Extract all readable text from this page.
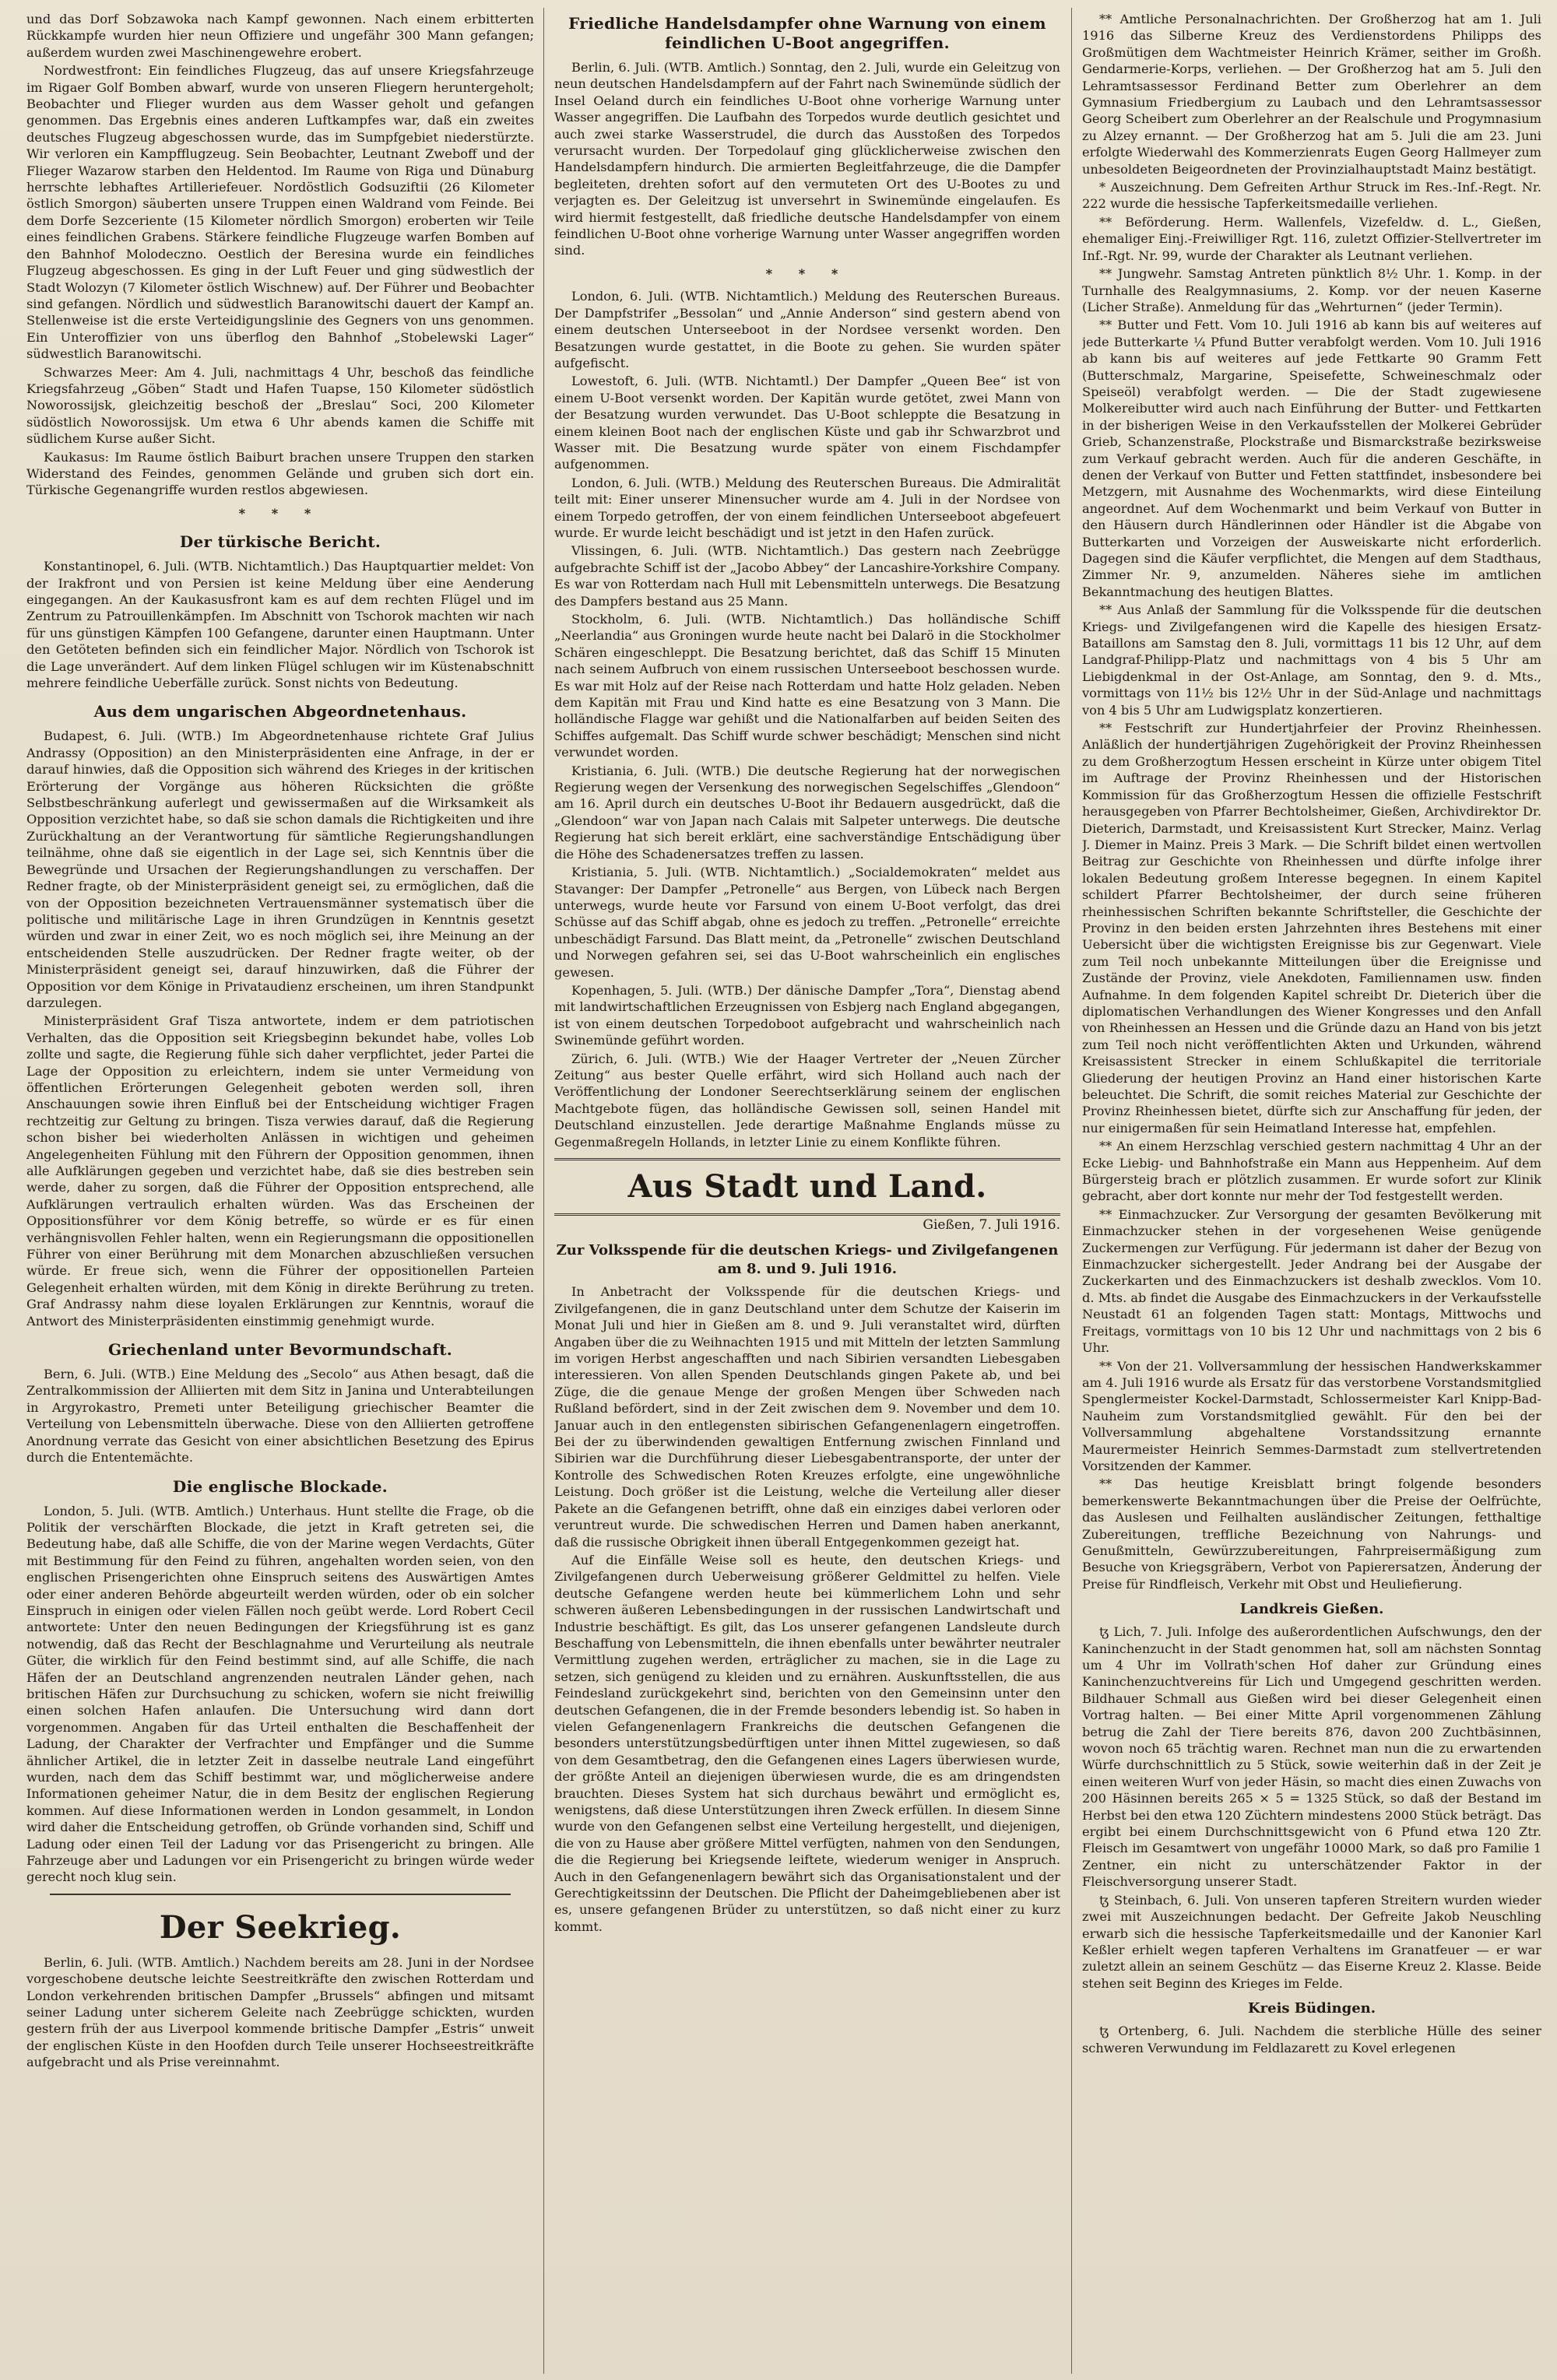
und das Dorf Sobzawoka nach Kampf gewonnen. Nach einem erbitterten Rückkampfe wurden hier neun Offiziere und ungefähr 300 Mann gefangen; außerdem wurden zwei Maschinengewehre erobert.

Nordwestfront: Ein feindliches Flugzeug, das auf unsere Kriegsfahrzeuge im Rigaer Golf Bomben abwarf, wurde von unseren Fliegern heruntergeholt; Beobachter und Flieger wurden aus dem Wasser geholt und gefangen genommen. Das Ergebnis eines anderen Luftkampfes war, daß ein zweites deutsches Flugzeug abgeschossen wurde, das im Sumpfgebiet niederstürzte. Wir verloren ein Kampfflugzeug. Sein Beobachter, Leutnant Zweboff und der Flieger Wazarow starben den Heldentod. Im Raume von Riga und Dünaburg herrschte lebhaftes Artilleriefeuer. Nordöstlich Godsuziftii (26 Kilometer östlich Smorgon) säuberten unsere Truppen einen Waldrand vom Feinde. Bei dem Dorfe Sezceriente (15 Kilometer nördlich Smorgon) eroberten wir Teile eines feindlichen Grabens. Stärkere feindliche Flugzeuge warfen Bomben auf den Bahnhof Molodeczno. Oestlich der Beresina wurde ein feindliches Flugzeug abgeschossen. Es ging in der Luft Feuer und ging südwestlich der Stadt Wolozyn (7 Kilometer östlich Wischnew) auf. Der Führer und Beobachter sind gefangen. Nördlich und südwestlich Baranowitschi dauert der Kampf an. Stellenweise ist die erste Verteidigungslinie des Gegners von uns genommen. Ein Unteroffizier von uns überflog den Bahnhof „Stobelewski Lager“ südwestlich Baranowitschi.

Schwarzes Meer: Am 4. Juli, nachmittags 4 Uhr, beschoß das feindliche Kriegsfahrzeug „Göben“ Stadt und Hafen Tuapse, 150 Kilometer südöstlich Noworossijsk, gleichzeitig beschoß der „Breslau“ Soci, 200 Kilometer südöstlich Noworossijsk. Um etwa 6 Uhr abends kamen die Schiffe mit südlichem Kurse außer Sicht.

Kaukasus: Im Raume östlich Baiburt brachen unsere Truppen den starken Widerstand des Feindes, genommen Gelände und gruben sich dort ein. Türkische Gegenangriffe wurden restlos abgewiesen.

* * *
Der türkische Bericht.

Konstantinopel, 6. Juli. (WTB. Nichtamtlich.) Das Hauptquartier meldet: Von der Irakfront und von Persien ist keine Meldung über eine Aenderung eingegangen. An der Kaukasusfront kam es auf dem rechten Flügel und im Zentrum zu Patrouillenkämpfen. Im Abschnitt von Tschorok machten wir nach für uns günstigen Kämpfen 100 Gefangene, darunter einen Hauptmann. Unter den Getöteten befinden sich ein feindlicher Major. Nördlich von Tschorok ist die Lage unverändert. Auf dem linken Flügel schlugen wir im Küstenabschnitt mehrere feindliche Ueberfälle zurück. Sonst nichts von Bedeutung.

Aus dem ungarischen Abgeordnetenhaus.

Budapest, 6. Juli. (WTB.) Im Abgeordnetenhause richtete Graf Julius Andrassy (Opposition) an den Ministerpräsidenten eine Anfrage, in der er darauf hinwies, daß die Opposition sich während des Krieges in der kritischen Erörterung der Vorgänge aus höheren Rücksichten die größte Selbstbeschränkung auferlegt und gewissermaßen auf die Wirksamkeit als Opposition verzichtet habe, so daß sie schon damals die Richtigkeiten und ihre Zurückhaltung an der Verantwortung für sämtliche Regierungshandlungen teilnähme, ohne daß sie eigentlich in der Lage sei, sich Kenntnis über die Bewegründe und Ursachen der Regierungshandlungen zu verschaffen. Der Redner fragte, ob der Ministerpräsident geneigt sei, zu ermöglichen, daß die von der Opposition bezeichneten Vertrauensmänner systematisch über die politische und militärische Lage in ihren Grundzügen in Kenntnis gesetzt würden und zwar in einer Zeit, wo es noch möglich sei, ihre Meinung an der entscheidenden Stelle auszudrücken. Der Redner fragte weiter, ob der Ministerpräsident geneigt sei, darauf hinzuwirken, daß die Führer der Opposition vor dem Könige in Privataudienz erscheinen, um ihren Standpunkt darzulegen.

Ministerpräsident Graf Tisza antwortete, indem er dem patriotischen Verhalten, das die Opposition seit Kriegsbeginn bekundet habe, volles Lob zollte und sagte, die Regierung fühle sich daher verpflichtet, jeder Partei die Lage der Opposition zu erleichtern, indem sie unter Vermeidung von öffentlichen Erörterungen Gelegenheit geboten werden soll, ihren Anschauungen sowie ihren Einfluß bei der Entscheidung wichtiger Fragen rechtzeitig zur Geltung zu bringen. Tisza verwies darauf, daß die Regierung schon bisher bei wiederholten Anlässen in wichtigen und geheimen Angelegenheiten Fühlung mit den Führern der Opposition genommen, ihnen alle Aufklärungen gegeben und verzichtet habe, daß sie dies bestreben sein werde, daher zu sorgen, daß die Führer der Opposition entsprechend, alle Aufklärungen vertraulich erhalten würden. Was das Erscheinen der Oppositionsführer vor dem König betreffe, so würde er es für einen verhängnisvollen Fehler halten, wenn ein Regierungsmann die oppositionellen Führer von einer Berührung mit dem Monarchen abzuschließen versuchen würde. Er freue sich, wenn die Führer der oppositionellen Parteien Gelegenheit erhalten würden, mit dem König in direkte Berührung zu treten. Graf Andrassy nahm diese loyalen Erklärungen zur Kenntnis, worauf die Antwort des Ministerpräsidenten einstimmig genehmigt wurde.

Griechenland unter Bevormundschaft.

Bern, 6. Juli. (WTB.) Eine Meldung des „Secolo“ aus Athen besagt, daß die Zentralkommission der Alliierten mit dem Sitz in Janina und Unterabteilungen in Argyrokastro, Premeti unter Beteiligung griechischer Beamter die Verteilung von Lebensmitteln überwache. Diese von den Alliierten getroffene Anordnung verrate das Gesicht von einer absichtlichen Besetzung des Epirus durch die Ententemächte.

Die englische Blockade.

London, 5. Juli. (WTB. Amtlich.) Unterhaus. Hunt stellte die Frage, ob die Politik der verschärften Blockade, die jetzt in Kraft getreten sei, die Bedeutung habe, daß alle Schiffe, die von der Marine wegen Verdachts, Güter mit Bestimmung für den Feind zu führen, angehalten worden seien, von den englischen Prisengerichten ohne Einspruch seitens des Auswärtigen Amtes oder einer anderen Behörde abgeurteilt werden würden, oder ob ein solcher Einspruch in einigen oder vielen Fällen noch geübt werde. Lord Robert Cecil antwortete: Unter den neuen Bedingungen der Kriegsführung ist es ganz notwendig, daß das Recht der Beschlagnahme und Verurteilung als neutrale Güter, die wirklich für den Feind bestimmt sind, auf alle Schiffe, die nach Häfen der an Deutschland angrenzenden neutralen Länder gehen, nach britischen Häfen zur Durchsuchung zu schicken, wofern sie nicht freiwillig einen solchen Hafen anlaufen. Die Untersuchung wird dann dort vorgenommen. Angaben für das Urteil enthalten die Beschaffenheit der Ladung, der Charakter der Verfrachter und Empfänger und die Summe ähnlicher Artikel, die in letzter Zeit in dasselbe neutrale Land eingeführt wurden, nach dem das Schiff bestimmt war, und möglicherweise andere Informationen geheimer Natur, die in dem Besitz der englischen Regierung kommen. Auf diese Informationen werden in London gesammelt, in London wird daher die Entscheidung getroffen, ob Gründe vorhanden sind, Schiff und Ladung oder einen Teil der Ladung vor das Prisengericht zu bringen. Alle Fahrzeuge aber und Ladungen vor ein Prisengericht zu bringen würde weder gerecht noch klug sein.

Der Seekrieg.

Berlin, 6. Juli. (WTB. Amtlich.) Nachdem bereits am 28. Juni in der Nordsee vorgeschobene deutsche leichte Seestreitkräfte den zwischen Rotterdam und London verkehrenden britischen Dampfer „Brussels“ abfingen und mitsamt seiner Ladung unter sicherem Geleite nach Zeebrügge schickten, wurden gestern früh der aus Liverpool kommende britische Dampfer „Estris“ unweit der englischen Küste in den Hoofden durch Teile unserer Hochseestreitkräfte aufgebracht und als Prise vereinnahmt.

Friedliche Handelsdampfer ohne Warnung von einem feindlichen U-Boot angegriffen.

Berlin, 6. Juli. (WTB. Amtlich.) Sonntag, den 2. Juli, wurde ein Geleitzug von neun deutschen Handelsdampfern auf der Fahrt nach Swinemünde südlich der Insel Oeland durch ein feindliches U-Boot ohne vorherige Warnung unter Wasser angegriffen. Die Laufbahn des Torpedos wurde deutlich gesichtet und auch zwei starke Wasserstrudel, die durch das Ausstoßen des Torpedos verursacht wurden. Der Torpedolauf ging glücklicherweise zwischen den Handelsdampfern hindurch. Die armierten Begleitfahrzeuge, die die Dampfer begleiteten, drehten sofort auf den vermuteten Ort des U-Bootes zu und verjagten es. Der Geleitzug ist unversehrt in Swinemünde eingelaufen. Es wird hiermit festgestellt, daß friedliche deutsche Handelsdampfer von einem feindlichen U-Boot ohne vorherige Warnung unter Wasser angegriffen worden sind.

* * *

London, 6. Juli. (WTB. Nichtamtlich.) Meldung des Reuterschen Bureaus. Der Dampfstrifer „Bessolan“ und „Annie Anderson“ sind gestern abend von einem deutschen Unterseeboot in der Nordsee versenkt worden. Den Besatzungen wurde gestattet, in die Boote zu gehen. Sie wurden später aufgefischt.

Lowestoft, 6. Juli. (WTB. Nichtamtl.) Der Dampfer „Queen Bee“ ist von einem U-Boot versenkt worden. Der Kapitän wurde getötet, zwei Mann von der Besatzung wurden verwundet. Das U-Boot schleppte die Besatzung in einem kleinen Boot nach der englischen Küste und gab ihr Schwarzbrot und Wasser mit. Die Besatzung wurde später von einem Fischdampfer aufgenommen.

London, 6. Juli. (WTB.) Meldung des Reuterschen Bureaus. Die Admiralität teilt mit: Einer unserer Minensucher wurde am 4. Juli in der Nordsee von einem Torpedo getroffen, der von einem feindlichen Unterseeboot abgefeuert wurde. Er wurde leicht beschädigt und ist jetzt in den Hafen zurück.

Vlissingen, 6. Juli. (WTB. Nichtamtlich.) Das gestern nach Zeebrügge aufgebrachte Schiff ist der „Jacobo Abbey“ der Lancashire-Yorkshire Company. Es war von Rotterdam nach Hull mit Lebensmitteln unterwegs. Die Besatzung des Dampfers bestand aus 25 Mann.

Stockholm, 6. Juli. (WTB. Nichtamtlich.) Das holländische Schiff „Neerlandia“ aus Groningen wurde heute nacht bei Dalarö in die Stockholmer Schären eingeschleppt. Die Besatzung berichtet, daß das Schiff 15 Minuten nach seinem Aufbruch von einem russischen Unterseeboot beschossen wurde. Es war mit Holz auf der Reise nach Rotterdam und hatte Holz geladen. Neben dem Kapitän mit Frau und Kind hatte es eine Besatzung von 3 Mann. Die holländische Flagge war gehißt und die Nationalfarben auf beiden Seiten des Schiffes aufgemalt. Das Schiff wurde schwer beschädigt; Menschen sind nicht verwundet worden.

Kristiania, 6. Juli. (WTB.) Die deutsche Regierung hat der norwegischen Regierung wegen der Versenkung des norwegischen Segelschiffes „Glendoon“ am 16. April durch ein deutsches U-Boot ihr Bedauern ausgedrückt, daß die „Glendoon“ war von Japan nach Calais mit Salpeter unterwegs. Die deutsche Regierung hat sich bereit erklärt, eine sachverständige Entschädigung über die Höhe des Schadenersatzes treffen zu lassen.

Kristiania, 5. Juli. (WTB. Nichtamtlich.) „Socialdemokraten“ meldet aus Stavanger: Der Dampfer „Petronelle“ aus Bergen, von Lübeck nach Bergen unterwegs, wurde heute vor Farsund von einem U-Boot verfolgt, das drei Schüsse auf das Schiff abgab, ohne es jedoch zu treffen. „Petronelle“ erreichte unbeschädigt Farsund. Das Blatt meint, da „Petronelle“ zwischen Deutschland und Norwegen gefahren sei, sei das U-Boot wahrscheinlich ein englisches gewesen.

Kopenhagen, 5. Juli. (WTB.) Der dänische Dampfer „Tora“, Dienstag abend mit landwirtschaftlichen Erzeugnissen von Esbjerg nach England abgegangen, ist von einem deutschen Torpedoboot aufgebracht und wahrscheinlich nach Swinemünde geführt worden.

Zürich, 6. Juli. (WTB.) Wie der Haager Vertreter der „Neuen Zürcher Zeitung“ aus bester Quelle erfährt, wird sich Holland auch nach der Veröffentlichung der Londoner Seerechtserklärung seinem der englischen Machtgebote fügen, das holländische Gewissen soll, seinen Handel mit Deutschland einzustellen. Jede derartige Maßnahme Englands müsse zu Gegenmaßregeln Hollands, in letzter Linie zu einem Konflikte führen.

Aus Stadt und Land.
Gießen, 7. Juli 1916.
Zur Volksspende für die deutschen Kriegs- und Zivilgefangenen am 8. und 9. Juli 1916.

In Anbetracht der Volksspende für die deutschen Kriegs- und Zivilgefangenen, die in ganz Deutschland unter dem Schutze der Kaiserin im Monat Juli und hier in Gießen am 8. und 9. Juli veranstaltet wird, dürften Angaben über die zu Weihnachten 1915 und mit Mitteln der letzten Sammlung im vorigen Herbst angeschafften und nach Sibirien versandten Liebesgaben interessieren. Von allen Spenden Deutschlands gingen Pakete ab, und bei Züge, die die genaue Menge der großen Mengen über Schweden nach Rußland befördert, sind in der Zeit zwischen dem 9. November und dem 10. Januar auch in den entlegensten sibirischen Gefangenenlagern eingetroffen. Bei der zu überwindenden gewaltigen Entfernung zwischen Finnland und Sibirien war die Durchführung dieser Liebesgabentransporte, der unter der Kontrolle des Schwedischen Roten Kreuzes erfolgte, eine ungewöhnliche Leistung. Doch größer ist die Leistung, welche die Verteilung aller dieser Pakete an die Gefangenen betrifft, ohne daß ein einziges dabei verloren oder veruntreut wurde. Die schwedischen Herren und Damen haben anerkannt, daß die russische Obrigkeit ihnen überall Entgegenkommen gezeigt hat.

Auf die Einfälle Weise soll es heute, den deutschen Kriegs- und Zivilgefangenen durch Ueberweisung größerer Geldmittel zu helfen. Viele deutsche Gefangene werden heute bei kümmerlichem Lohn und sehr schweren äußeren Lebensbedingungen in der russischen Landwirtschaft und Industrie beschäftigt. Es gilt, das Los unserer gefangenen Landsleute durch Beschaffung von Lebensmitteln, die ihnen ebenfalls unter bewährter neutraler Vermittlung zugehen werden, erträglicher zu machen, sie in die Lage zu setzen, sich genügend zu kleiden und zu ernähren. Auskunftsstellen, die aus Feindesland zurückgekehrt sind, berichten von den Gemeinsinn unter den deutschen Gefangenen, die in der Fremde besonders lebendig ist. So haben in vielen Gefangenenlagern Frankreichs die deutschen Gefangenen die besonders unterstützungsbedürftigen unter ihnen Mittel zugewiesen, so daß von dem Gesamtbetrag, den die Gefangenen eines Lagers überwiesen wurde, der größte Anteil an diejenigen überwiesen wurde, die es am dringendsten brauchten. Dieses System hat sich durchaus bewährt und ermöglicht es, wenigstens, daß diese Unterstützungen ihren Zweck erfüllen. In diesem Sinne wurde von den Gefangenen selbst eine Verteilung hergestellt, und diejenigen, die von zu Hause aber größere Mittel verfügten, nahmen von den Sendungen, die die Regierung bei Kriegsende leiftete, wiederum weniger in Anspruch. Auch in den Gefangenenlagern bewährt sich das Organisationstalent und der Gerechtigkeitssinn der Deutschen. Die Pflicht der Daheimgebliebenen aber ist es, unsere gefangenen Brüder zu unterstützen, so daß nicht einer zu kurz kommt.

** Amtliche Personalnachrichten. Der Großherzog hat am 1. Juli 1916 das Silberne Kreuz des Verdienstordens Philipps des Großmütigen dem Wachtmeister Heinrich Krämer, seither im Großh. Gendarmerie-Korps, verliehen. — Der Großherzog hat am 5. Juli den Lehramtsassessor Ferdinand Better zum Oberlehrer an dem Gymnasium Friedbergium zu Laubach und den Lehramtsassessor Georg Scheibert zum Oberlehrer an der Realschule und Progymnasium zu Alzey ernannt. — Der Großherzog hat am 5. Juli die am 23. Juni erfolgte Wiederwahl des Kommerzienrats Eugen Georg Hallmeyer zum unbesoldeten Beigeordneten der Provinzialhauptstadt Mainz bestätigt.

* Auszeichnung. Dem Gefreiten Arthur Struck im Res.-Inf.-Regt. Nr. 222 wurde die hessische Tapferkeitsmedaille verliehen.

** Beförderung. Herm. Wallenfels, Vizefeldw. d. L., Gießen, ehemaliger Einj.-Freiwilliger Rgt. 116, zuletzt Offizier-Stellvertreter im Inf.-Rgt. Nr. 99, wurde der Charakter als Leutnant verliehen.

** Jungwehr. Samstag Antreten pünktlich 8½ Uhr. 1. Komp. in der Turnhalle des Realgymnasiums, 2. Komp. vor der neuen Kaserne (Licher Straße). Anmeldung für das „Wehrturnen“ (jeder Termin).

** Butter und Fett. Vom 10. Juli 1916 ab kann bis auf weiteres auf jede Butterkarte ¼ Pfund Butter verabfolgt werden. Vom 10. Juli 1916 ab kann bis auf weiteres auf jede Fettkarte 90 Gramm Fett (Butterschmalz, Margarine, Speisefette, Schweineschmalz oder Speiseöl) verabfolgt werden. — Die der Stadt zugewiesene Molkereibutter wird auch nach Einführung der Butter- und Fettkarten in der bisherigen Weise in den Verkaufsstellen der Molkerei Gebrüder Grieb, Schanzenstraße, Plockstraße und Bismarckstraße bezirksweise zum Verkauf gebracht werden. Auch für die anderen Geschäfte, in denen der Verkauf von Butter und Fetten stattfindet, insbesondere bei Metzgern, mit Ausnahme des Wochenmarkts, wird diese Einteilung angeordnet. Auf dem Wochenmarkt und beim Verkauf von Butter in den Häusern durch Händlerinnen oder Händler ist die Abgabe von Butterkarten und Vorzeigen der Ausweiskarte nicht erforderlich. Dagegen sind die Käufer verpflichtet, die Mengen auf dem Stadthaus, Zimmer Nr. 9, anzumelden. Näheres siehe im amtlichen Bekanntmachung des heutigen Blattes.

** Aus Anlaß der Sammlung für die Volksspende für die deutschen Kriegs- und Zivilgefangenen wird die Kapelle des hiesigen Ersatz-Bataillons am Samstag den 8. Juli, vormittags 11 bis 12 Uhr, auf dem Landgraf-Philipp-Platz und nachmittags von 4 bis 5 Uhr am Liebigdenkmal in der Ost-Anlage, am Sonntag, den 9. d. Mts., vormittags von 11½ bis 12½ Uhr in der Süd-Anlage und nachmittags von 4 bis 5 Uhr am Ludwigsplatz konzertieren.

** Festschrift zur Hundertjahrfeier der Provinz Rheinhessen. Anläßlich der hundertjährigen Zugehörigkeit der Provinz Rheinhessen zu dem Großherzogtum Hessen erscheint in Kürze unter obigem Titel im Auftrage der Provinz Rheinhessen und der Historischen Kommission für das Großherzogtum Hessen die offizielle Festschrift herausgegeben von Pfarrer Bechtolsheimer, Gießen, Archivdirektor Dr. Dieterich, Darmstadt, und Kreisassistent Kurt Strecker, Mainz. Verlag J. Diemer in Mainz. Preis 3 Mark. — Die Schrift bildet einen wertvollen Beitrag zur Geschichte von Rheinhessen und dürfte infolge ihrer lokalen Bedeutung großem Interesse begegnen. In einem Kapitel schildert Pfarrer Bechtolsheimer, der durch seine früheren rheinhessischen Schriften bekannte Schriftsteller, die Geschichte der Provinz in den beiden ersten Jahrzehnten ihres Bestehens mit einer Uebersicht über die wichtigsten Ereignisse bis zur Gegenwart. Viele zum Teil noch unbekannte Mitteilungen über die Ereignisse und Zustände der Provinz, viele Anekdoten, Familiennamen usw. finden Aufnahme. In dem folgenden Kapitel schreibt Dr. Dieterich über die diplomatischen Verhandlungen des Wiener Kongresses und den Anfall von Rheinhessen an Hessen und die Gründe dazu an Hand von bis jetzt zum Teil noch nicht veröffentlichten Akten und Urkunden, während Kreisassistent Strecker in einem Schlußkapitel die territoriale Gliederung der heutigen Provinz an Hand einer historischen Karte beleuchtet. Die Schrift, die somit reiches Material zur Geschichte der Provinz Rheinhessen bietet, dürfte sich zur Anschaffung für jeden, der nur einigermaßen für sein Heimatland Interesse hat, empfehlen.

** An einem Herzschlag verschied gestern nachmittag 4 Uhr an der Ecke Liebig- und Bahnhofstraße ein Mann aus Heppenheim. Auf dem Bürgersteig brach er plötzlich zusammen. Er wurde sofort zur Klinik gebracht, aber dort konnte nur mehr der Tod festgestellt werden.

** Einmachzucker. Zur Versorgung der gesamten Bevölkerung mit Einmachzucker stehen in der vorgesehenen Weise genügende Zuckermengen zur Verfügung. Für jedermann ist daher der Bezug von Einmachzucker sichergestellt. Jeder Andrang bei der Ausgabe der Zuckerkarten und des Einmachzuckers ist deshalb zwecklos. Vom 10. d. Mts. ab findet die Ausgabe des Einmachzuckers in der Verkaufsstelle Neustadt 61 an folgenden Tagen statt: Montags, Mittwochs und Freitags, vormittags von 10 bis 12 Uhr und nachmittags von 2 bis 6 Uhr.

** Von der 21. Vollversammlung der hessischen Handwerkskammer am 4. Juli 1916 wurde als Ersatz für das verstorbene Vorstandsmitglied Spenglermeister Kockel-Darmstadt, Schlossermeister Karl Knipp-Bad-Nauheim zum Vorstandsmitglied gewählt. Für den bei der Vollversammlung abgehaltene Vorstandssitzung ernannte Maurermeister Heinrich Semmes-Darmstadt zum stellvertretenden Vorsitzenden der Kammer.

** Das heutige Kreisblatt bringt folgende besonders bemerkenswerte Bekanntmachungen über die Preise der Oelfrüchte, das Auslesen und Feilhalten ausländischer Zeitungen, fetthaltige Zubereitungen, treffliche Bezeichnung von Nahrungs- und Genußmitteln, Gewürzzubereitungen, Fahrpreisermäßigung zum Besuche von Kriegsgräbern, Verbot von Papierersatzen, Änderung der Preise für Rindfleisch, Verkehr mit Obst und Heuliefierung.

Landkreis Gießen.

ꜩ Lich, 7. Juli. Infolge des außerordentlichen Aufschwungs, den der Kaninchenzucht in der Stadt genommen hat, soll am nächsten Sonntag um 4 Uhr im Vollrath'schen Hof daher zur Gründung eines Kaninchenzuchtvereins für Lich und Umgegend geschritten werden. Bildhauer Schmall aus Gießen wird bei dieser Gelegenheit einen Vortrag halten. — Bei einer Mitte April vorgenommenen Zählung betrug die Zahl der Tiere bereits 876, davon 200 Zuchtbäsinnen, wovon noch 65 trächtig waren. Rechnet man nun die zu erwartenden Würfe durchschnittlich zu 5 Stück, sowie weiterhin daß in der Zeit je einen weiteren Wurf von jeder Häsin, so macht dies einen Zuwachs von 200 Häsinnen bereits 265 × 5 = 1325 Stück, so daß der Bestand im Herbst bei den etwa 120 Züchtern mindestens 2000 Stück beträgt. Das ergibt bei einem Durchschnittsgewicht von 6 Pfund etwa 120 Ztr. Fleisch im Gesamtwert von ungefähr 10000 Mark, so daß pro Familie 1 Zentner, ein nicht zu unterschätzender Faktor in der Fleischversorgung unserer Stadt.

ꜩ Steinbach, 6. Juli. Von unseren tapferen Streitern wurden wieder zwei mit Auszeichnungen bedacht. Der Gefreite Jakob Neuschling erwarb sich die hessische Tapferkeitsmedaille und der Kanonier Karl Keßler erhielt wegen tapferen Verhaltens im Granatfeuer — er war zuletzt allein an seinem Geschütz — das Eiserne Kreuz 2. Klasse. Beide stehen seit Beginn des Krieges im Felde.

Kreis Büdingen.

ꜩ Ortenberg, 6. Juli. Nachdem die sterbliche Hülle des seiner schweren Verwundung im Feldlazarett zu Kovel erlegenen
